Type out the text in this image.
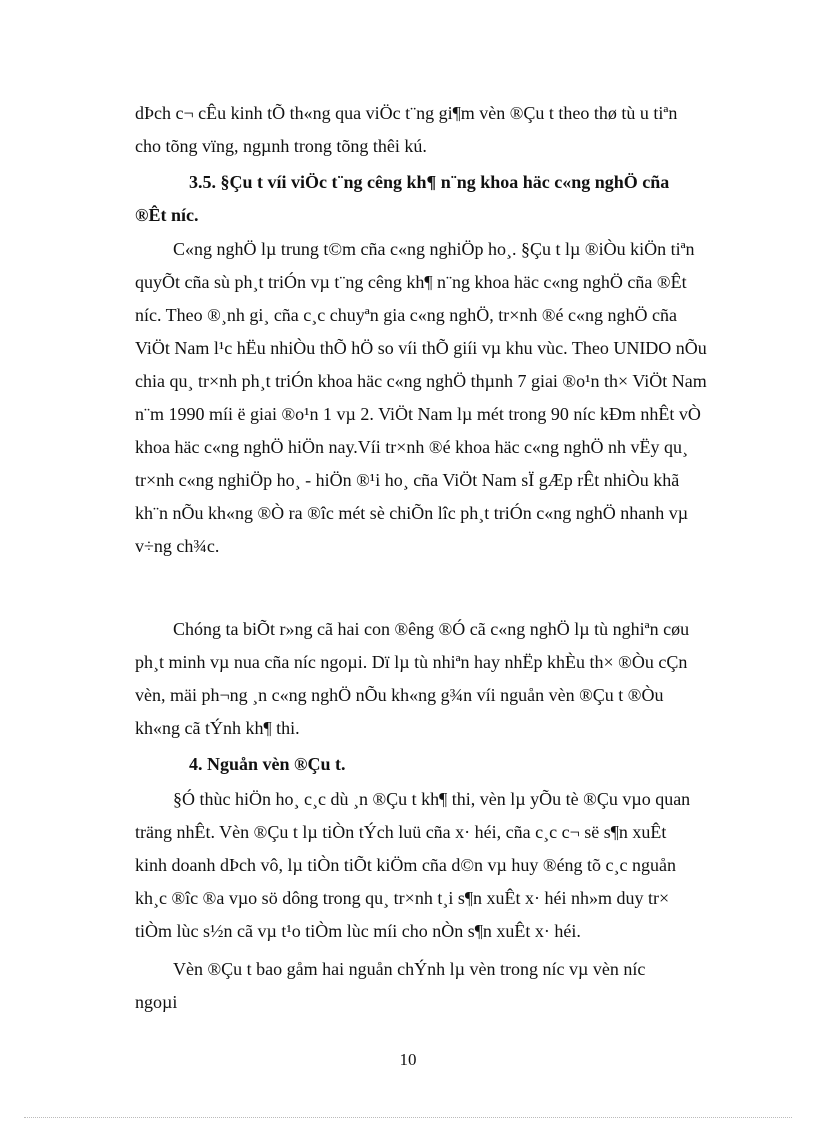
dÞch c¬ cÊu kinh tÕ th«ng qua viÖc t¨ng gi¶m vèn ®Çu t theo thø tù u tiªn
cho tõng vïng, ngµnh trong tõng thêi kú.
3.5. §Çu t víi viÖc t¨ng cêng kh¶ n¨ng khoa häc c«ng nghÖ cña
®Êt níc.
C«ng nghÖ lµ trung t©m cña c«ng nghiÖp ho¸. §Çu t lµ ®iÒu kiÖn tiªn
quyÕt cña sù ph¸t triÓn vµ t¨ng cêng kh¶ n¨ng khoa häc c«ng nghÖ cña ®Êt
níc. Theo ®¸nh gi¸ cña c¸c chuyªn gia c«ng nghÖ, tr×nh ®é c«ng nghÖ cña
ViÖt Nam l¹c hËu nhiÒu thÕ hÖ so víi thÕ giíi vµ khu vùc. Theo UNIDO nÕu
chia qu¸ tr×nh ph¸t triÓn khoa häc c«ng nghÖ thµnh 7 giai ®o¹n th× ViÖt Nam
n¨m 1990 míi ë giai ®o¹n 1 vµ 2. ViÖt Nam lµ mét trong 90 níc kÐm nhÊt vÒ
khoa häc c«ng nghÖ hiÖn nay.Víi tr×nh ®é khoa häc c«ng nghÖ nh vËy qu¸
tr×nh c«ng nghiÖp ho¸ - hiÖn ®¹i ho¸ cña ViÖt Nam sÏ gÆp rÊt nhiÒu khã
kh¨n nÕu kh«ng ®Ò ra ®îc mét sè chiÕn lîc ph¸t triÓn c«ng nghÖ nhanh vµ
v÷ng ch¾c.
Chóng ta biÕt r»ng cã hai con ®êng ®Ó cã c«ng nghÖ lµ tù nghiªn cøu
ph¸t minh vµ nua cña níc ngoµi. Dï lµ tù nhiªn hay nhËp khÈu th× ®Òu cÇn
vèn, mäi ph¬ng ¸n c«ng nghÖ nÕu kh«ng g¾n víi nguån vèn ®Çu t ®Òu
kh«ng cã tÝnh kh¶ thi.
4. Nguån vèn ®Çu t.
§Ó thùc hiÖn ho¸ c¸c dù ¸n ®Çu t kh¶ thi, vèn lµ yÕu tè ®Çu vµo quan
träng nhÊt. Vèn ®Çu t lµ tiÒn tÝch luü cña x· héi, cña c¸c c¬ së s¶n xuÊt
kinh doanh dÞch vô, lµ tiÒn tiÕt kiÖm cña d©n vµ huy ®éng tõ c¸c nguån
kh¸c ®îc ®a vµo sö dông trong qu¸ tr×nh t¸i s¶n xuÊt x· héi nh»m duy tr×
tiÒm lùc s½n cã vµ t¹o tiÒm lùc míi cho nÒn s¶n xuÊt x· héi.
Vèn ®Çu t bao gåm hai nguån chÝnh lµ vèn trong níc vµ vèn níc
ngoµi
10
